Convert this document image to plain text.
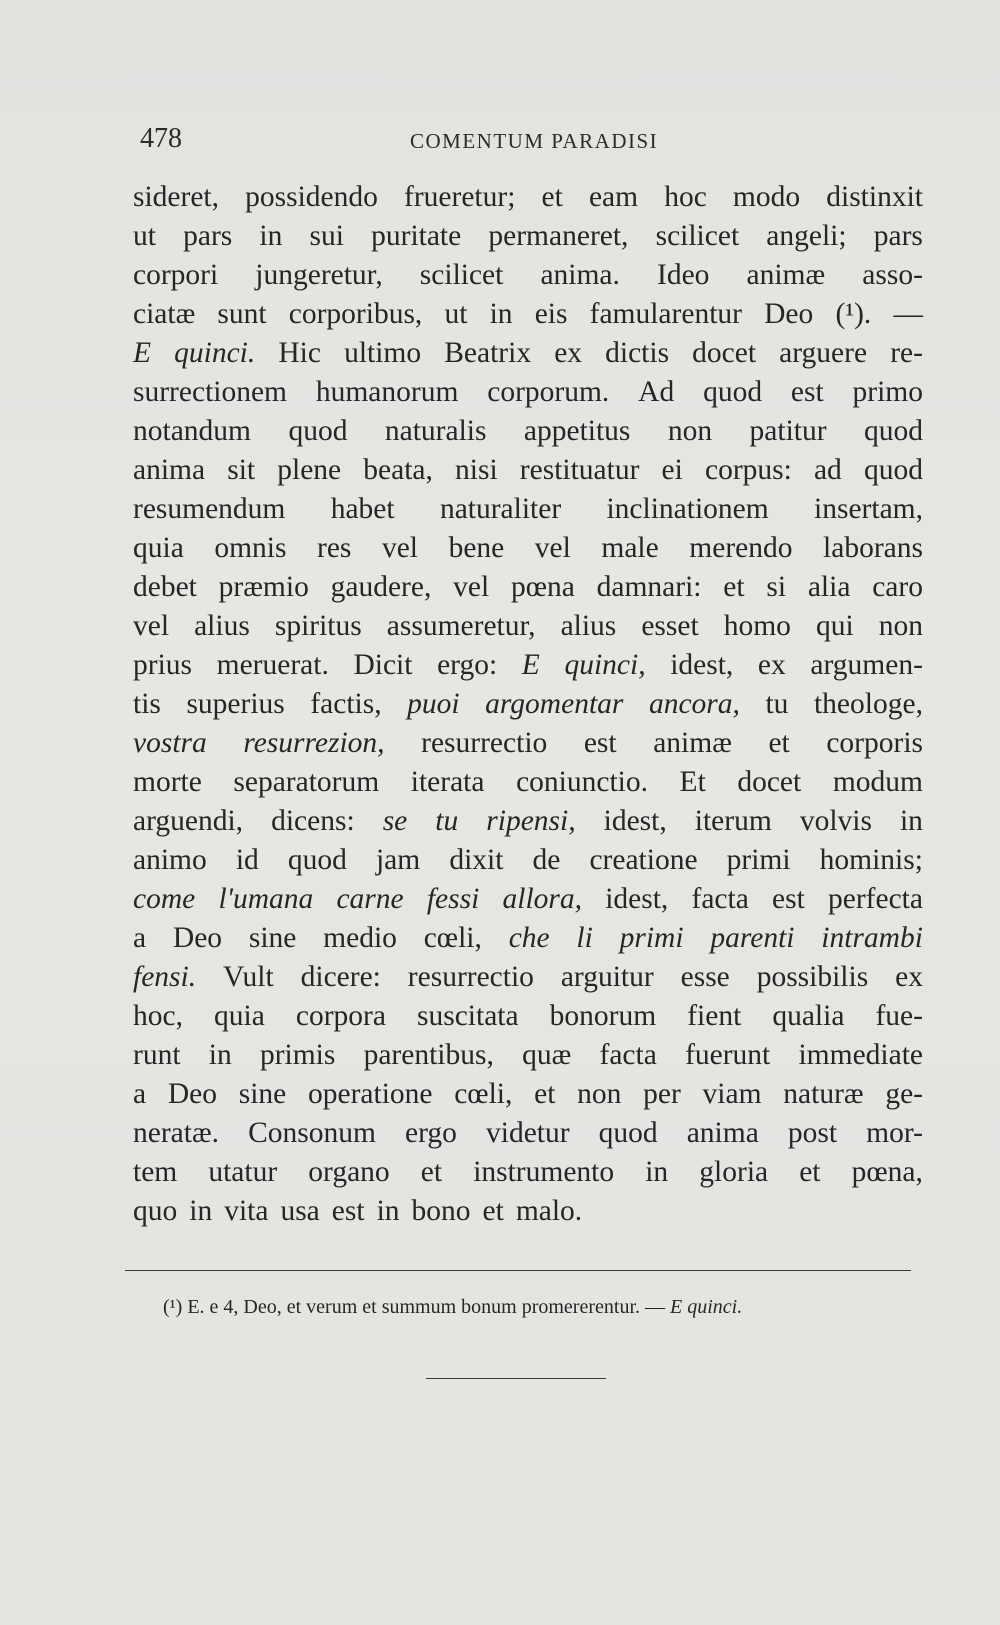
478	COMENTUM PARADISI
sideret, possidendo frueretur; et eam hoc modo distinxit
ut pars in sui puritate permaneret, scilicet angeli; pars
corpori jungeretur, scilicet anima. Ideo animæ asso-
ciatæ sunt corporibus, ut in eis famularentur Deo (¹). —
E quinci. Hic ultimo Beatrix ex dictis docet arguere re-
surrectionem humanorum corporum. Ad quod est primo
notandum quod naturalis appetitus non patitur quod
anima sit plene beata, nisi restituatur ei corpus: ad quod
resumendum habet naturaliter inclinationem insertam,
quia omnis res vel bene vel male merendo laborans
debet præmio gaudere, vel pœna damnari: et si alia caro
vel alius spiritus assumeretur, alius esset homo qui non
prius meruerat. Dicit ergo: E quinci, idest, ex argumen-
tis superius factis, puoi argomentar ancora, tu theologe,
vostra resurrezion, resurrectio est animæ et corporis
morte separatorum iterata coniunctio. Et docet modum
arguendi, dicens: se tu ripensi, idest, iterum volvis in
animo id quod jam dixit de creatione primi hominis;
come l'umana carne fessi allora, idest, facta est perfecta
a Deo sine medio cœli, che li primi parenti intrambi
fensi. Vult dicere: resurrectio arguitur esse possibilis ex
hoc, quia corpora suscitata bonorum fient qualia fue-
runt in primis parentibus, quæ facta fuerunt immediate
a Deo sine operatione cœli, et non per viam naturæ ge-
neratæ. Consonum ergo videtur quod anima post mor-
tem utatur organo et instrumento in gloria et pœna,
quo in vita usa est in bono et malo.
(¹) E. e 4, Deo, et verum et summum bonum promererentur. — E quinci.
